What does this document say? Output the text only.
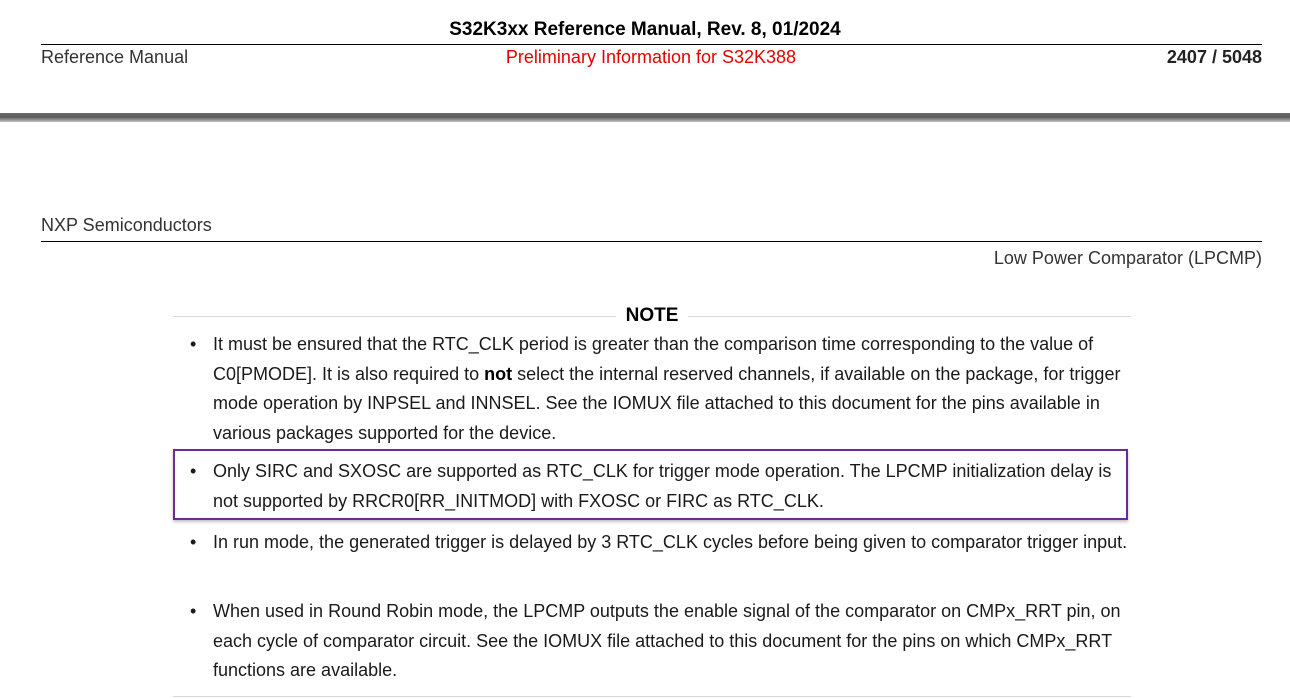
S32K3xx Reference Manual, Rev. 8, 01/2024
Reference Manual	Preliminary Information for S32K388	2407 / 5048
NXP Semiconductors
Low Power Comparator (LPCMP)
NOTE
• It must be ensured that the RTC_CLK period is greater than the comparison time corresponding to the value of C0[PMODE]. It is also required to not select the internal reserved channels, if available on the package, for trigger mode operation by INPSEL and INNSEL. See the IOMUX file attached to this document for the pins available in various packages supported for the device.
• Only SIRC and SXOSC are supported as RTC_CLK for trigger mode operation. The LPCMP initialization delay is not supported by RRCR0[RR_INITMOD] with FXOSC or FIRC as RTC_CLK.
• In run mode, the generated trigger is delayed by 3 RTC_CLK cycles before being given to comparator trigger input.
• When used in Round Robin mode, the LPCMP outputs the enable signal of the comparator on CMPx_RRT pin, on each cycle of comparator circuit. See the IOMUX file attached to this document for the pins on which CMPx_RRT functions are available.
